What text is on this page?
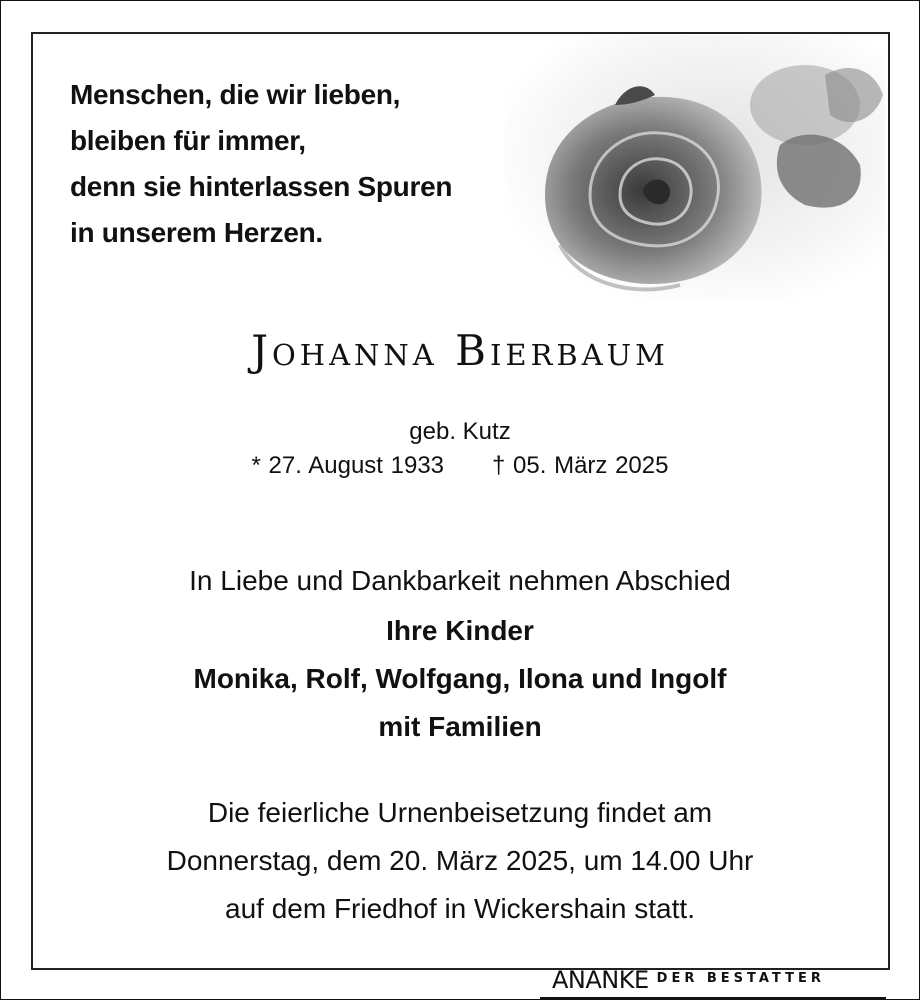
Menschen, die wir lieben,
bleiben für immer,
denn sie hinterlassen Spuren
in unserem Herzen.

Johanna Bierbaum
geb. Kutz
* 27. August 1933 † 05. März 2025
In Liebe und Dankbarkeit nehmen Abschied
Ihre Kinder
Monika, Rolf, Wolfgang, Ilona und Ingolf
mit Familien
Die feierliche Urnenbeisetzung findet am
Donnerstag, dem 20. März 2025, um 14.00 Uhr
auf dem Friedhof in Wickershain statt.
ANANKE $^{DER BESTATTER}$
